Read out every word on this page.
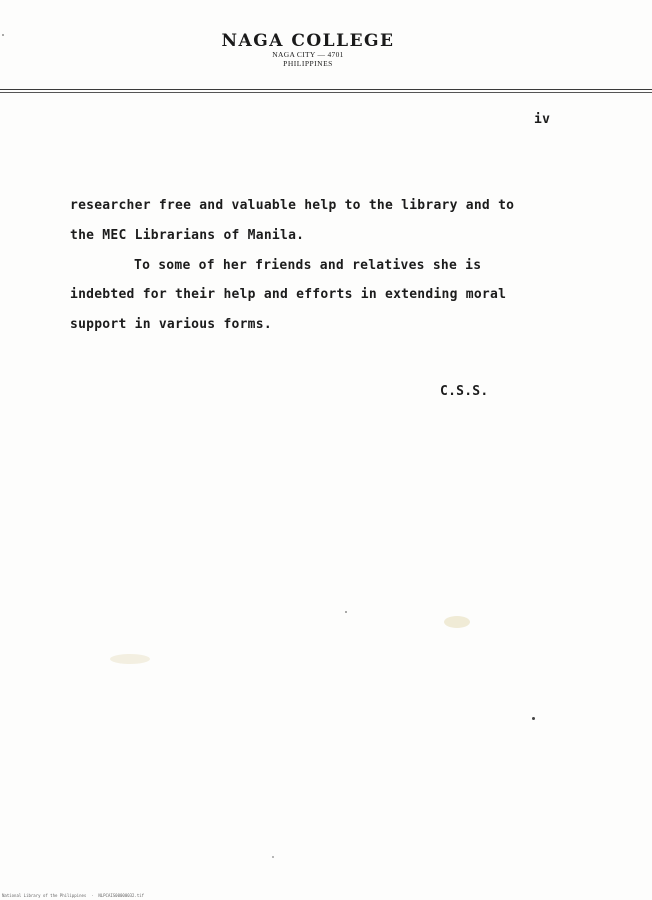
NAGA COLLEGE
NAGA CITY — 4701
PHILIPPINES
iv
researcher free and valuable help to the library and to
the MEC Librarians of Manila.
To some of her friends and relatives she is
indebted for their help and efforts in extending moral
support in various forms.
C.S.S.
National Library of the Philippines  ·  NLPCAIS00000032.tif
